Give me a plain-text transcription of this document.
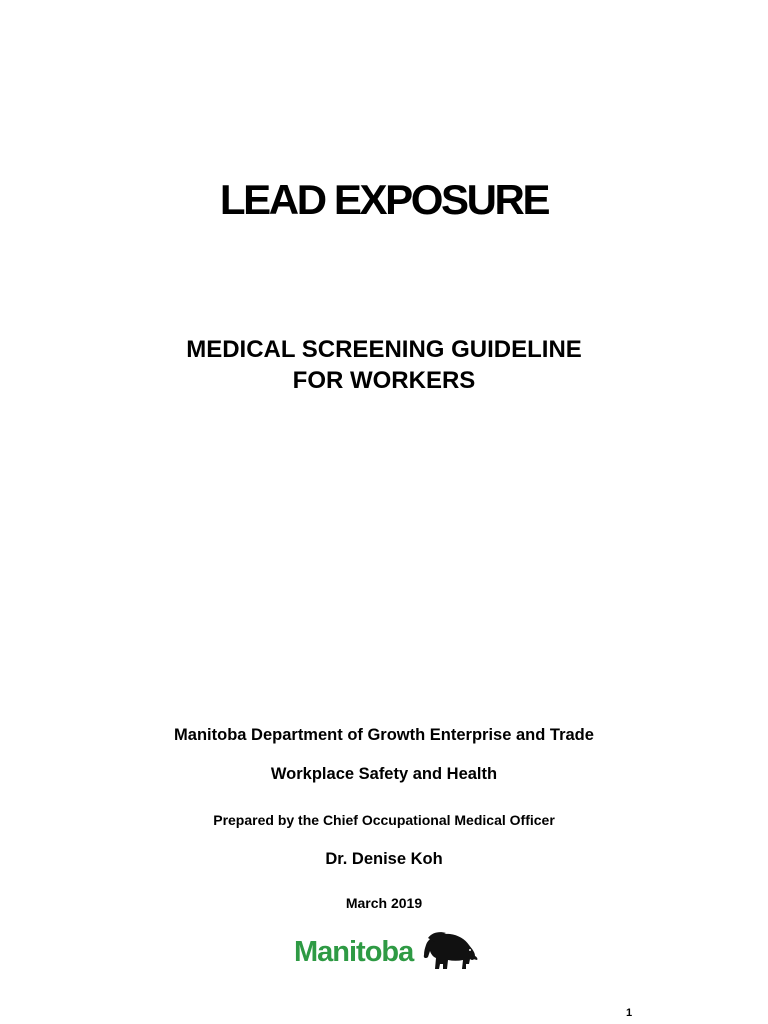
LEAD EXPOSURE
MEDICAL SCREENING GUIDELINE
FOR WORKERS
Manitoba Department of Growth Enterprise and Trade
Workplace Safety and Health
Prepared by the Chief Occupational Medical Officer
Dr. Denise Koh
March 2019
Manitoba
1
